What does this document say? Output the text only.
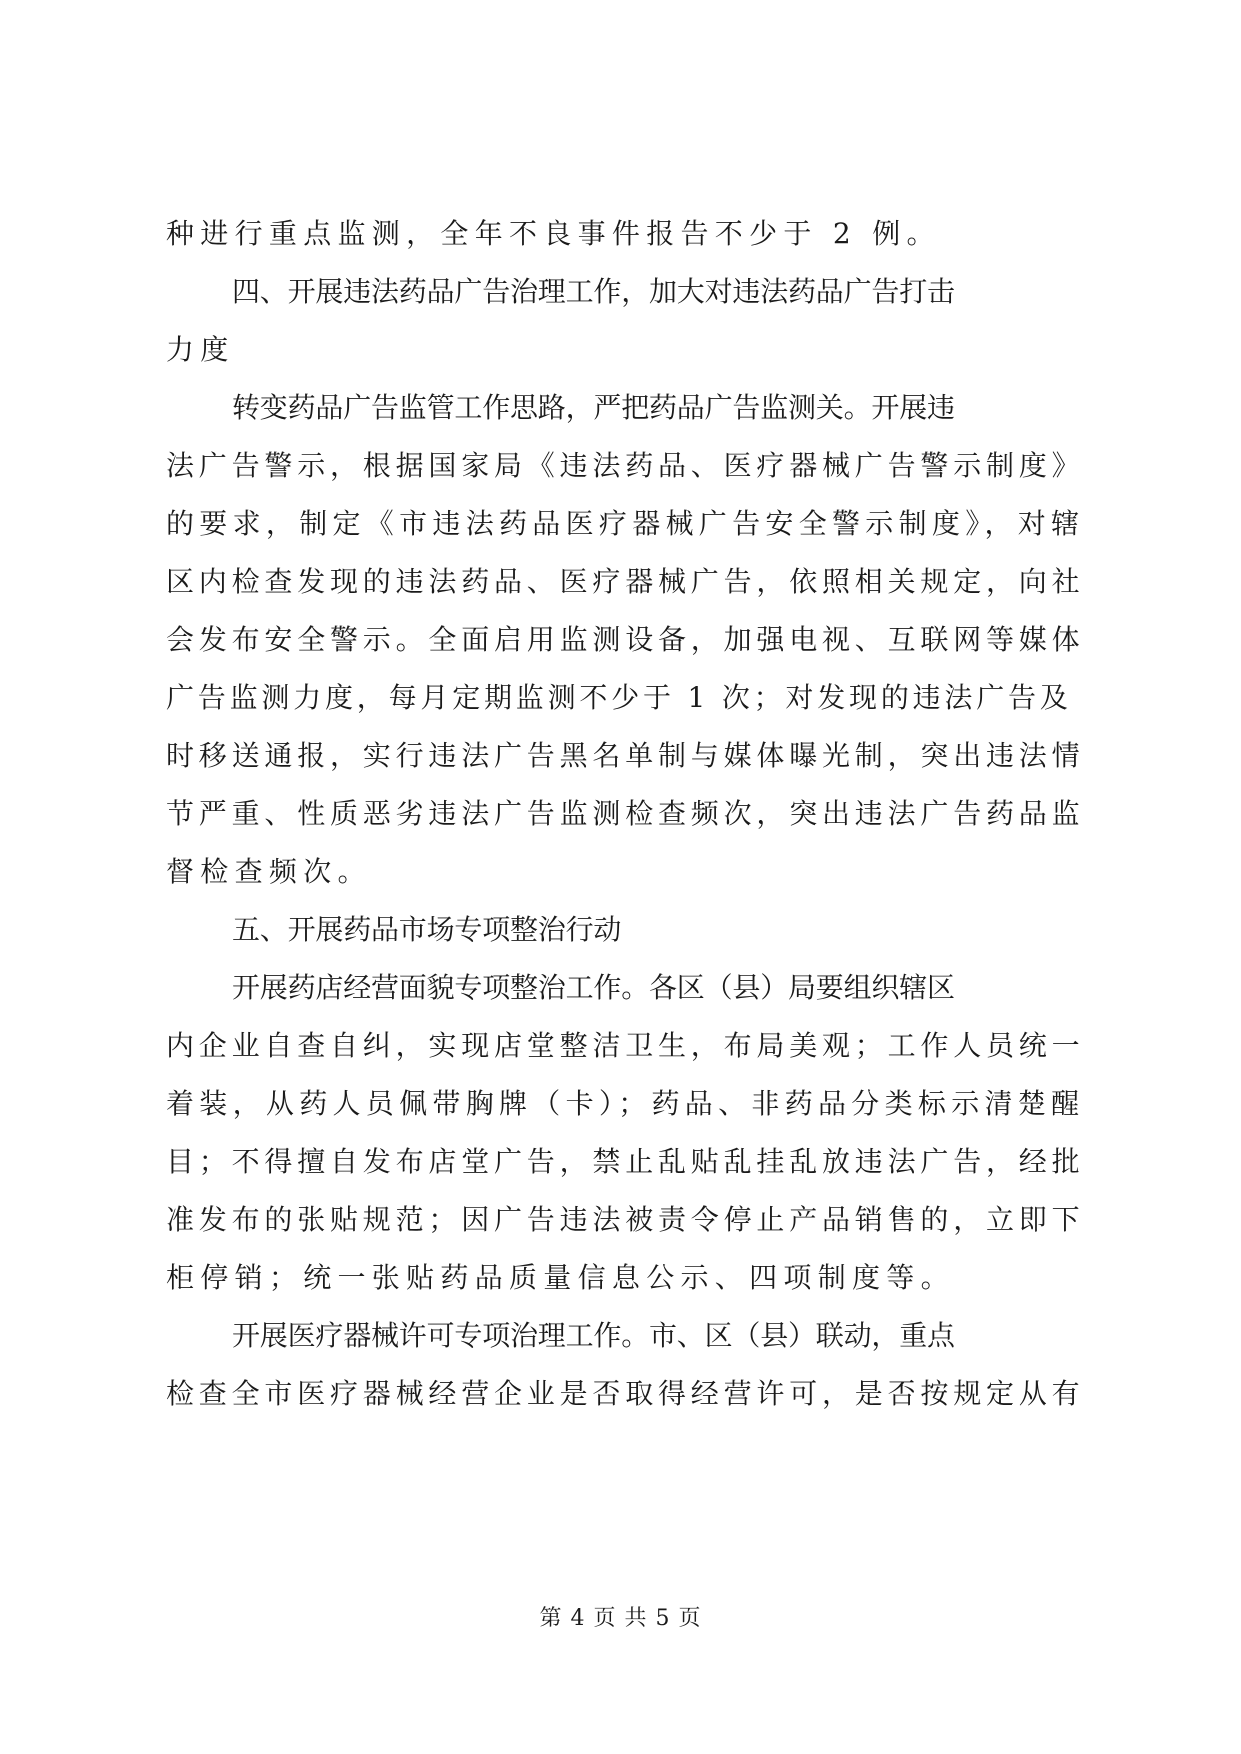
种进行重点监测，全年不良事件报告不少于 2 例。
四、开展违法药品广告治理工作，加大对违法药品广告打击
力度
转变药品广告监管工作思路，严把药品广告监测关。开展违
法广告警示，根据国家局《违法药品、医疗器械广告警示制度》
的要求，制定《市违法药品医疗器械广告安全警示制度》，对辖
区内检查发现的违法药品、医疗器械广告，依照相关规定，向社
会发布安全警示。全面启用监测设备，加强电视、互联网等媒体
广告监测力度，每月定期监测不少于 1 次；对发现的违法广告及
时移送通报，实行违法广告黑名单制与媒体曝光制，突出违法情
节严重、性质恶劣违法广告监测检查频次，突出违法广告药品监
督检查频次。
五、开展药品市场专项整治行动
开展药店经营面貌专项整治工作。各区（县）局要组织辖区
内企业自查自纠，实现店堂整洁卫生，布局美观；工作人员统一
着装，从药人员佩带胸牌（卡）；药品、非药品分类标示清楚醒
目；不得擅自发布店堂广告，禁止乱贴乱挂乱放违法广告，经批
准发布的张贴规范；因广告违法被责令停止产品销售的，立即下
柜停销；统一张贴药品质量信息公示、四项制度等。
开展医疗器械许可专项治理工作。市、区（县）联动，重点
检查全市医疗器械经营企业是否取得经营许可，是否按规定从有
第 4 页 共 5 页
